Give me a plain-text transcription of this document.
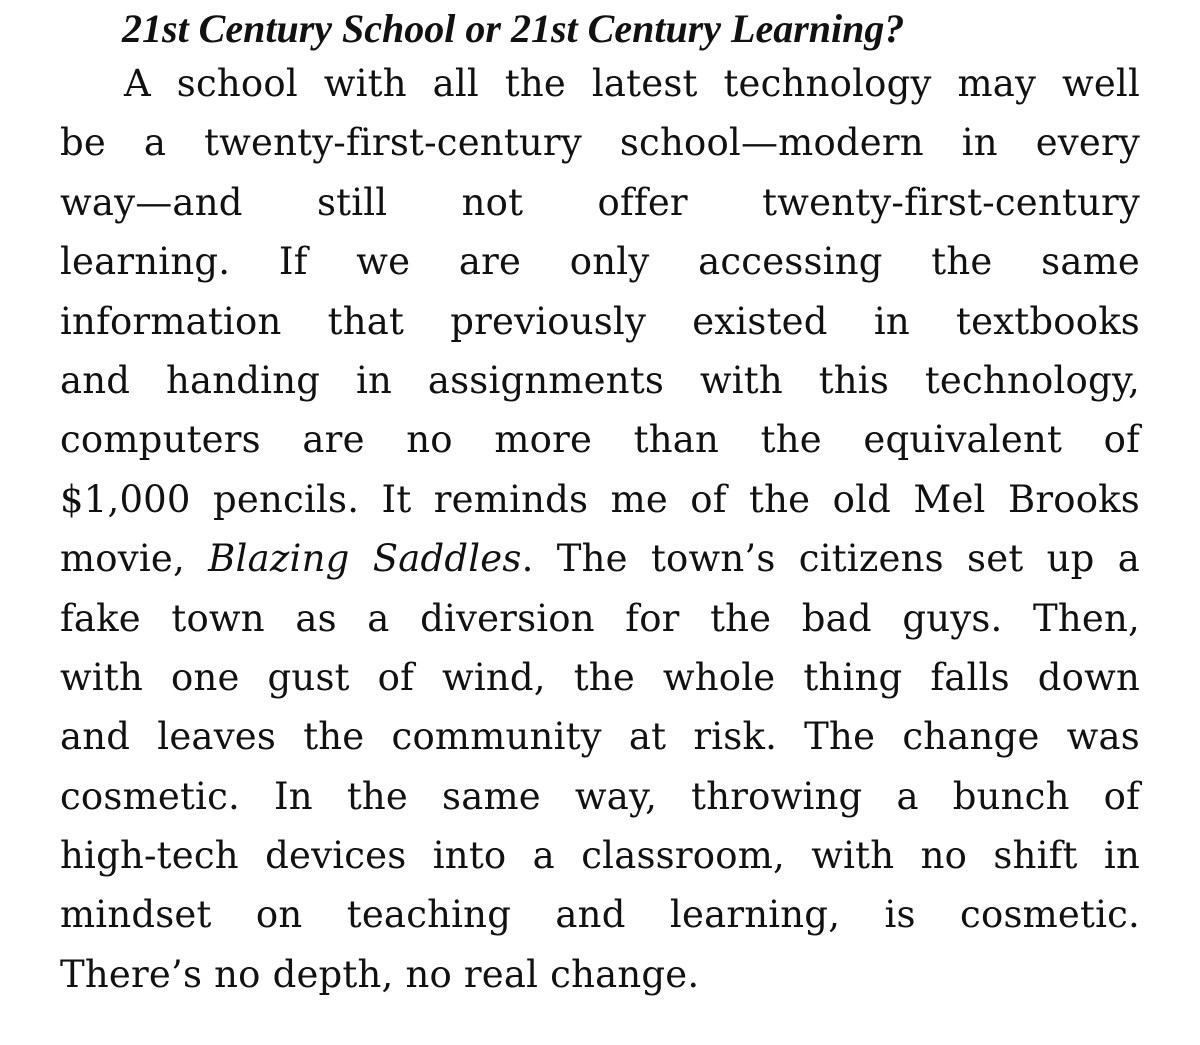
21st Century School or 21st Century Learning?
A school with all the latest technology may well
be a twenty-first-century school—modern in every
way—and still not offer twenty-first-century
learning. If we are only accessing the same
information that previously existed in textbooks
and handing in assignments with this technology,
computers are no more than the equivalent of
$1,000 pencils. It reminds me of the old Mel Brooks
movie, Blazing Saddles. The town’s citizens set up a
fake town as a diversion for the bad guys. Then,
with one gust of wind, the whole thing falls down
and leaves the community at risk. The change was
cosmetic. In the same way, throwing a bunch of
high-tech devices into a classroom, with no shift in
mindset on teaching and learning, is cosmetic.
There’s no depth, no real change.
